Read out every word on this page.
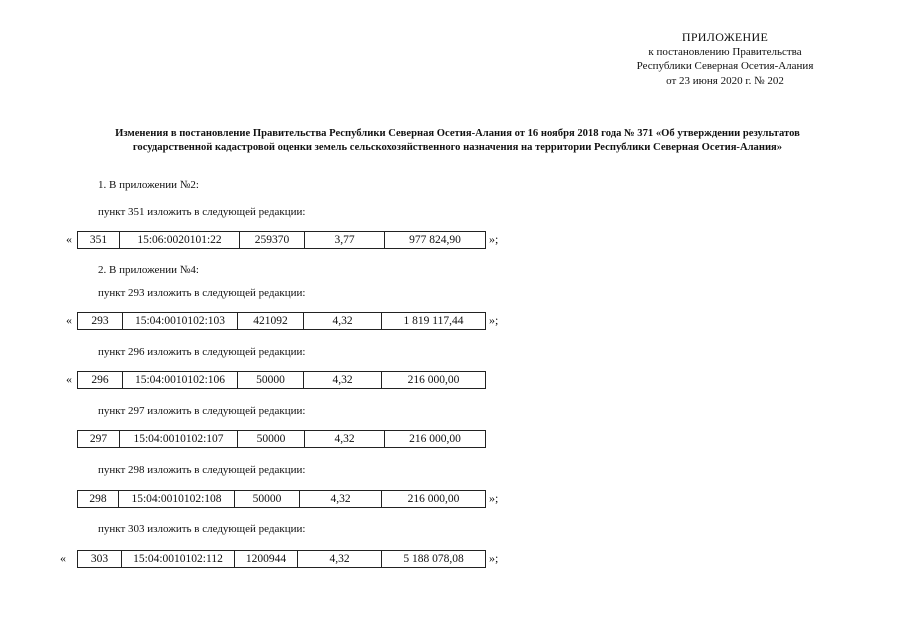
ПРИЛОЖЕНИЕ
к постановлению Правительства
Республики Северная Осетия-Алания
от 23 июня 2020 г. № 202
Изменения в постановление Правительства Республики Северная Осетия-Алания от 16 ноября 2018 года № 371 «Об утверждении результатов
государственной кадастровой оценки земель сельскохозяйственного назначения на территории Республики Северная Осетия-Алания»
1. В приложении №2:
пункт 351 изложить в следующей редакции:
«	351	15:06:0020101:22	259370	3,77	977 824,90	»;
2. В приложении №4:
пункт 293 изложить в следующей редакции:
«	293	15:04:0010102:103	421092	4,32	1 819 117,44	»;
пункт 296 изложить в следующей редакции:
«	296	15:04:0010102:106	50000	4,32	216 000,00
пункт 297 изложить в следующей редакции:
297	15:04:0010102:107	50000	4,32	216 000,00
пункт 298 изложить в следующей редакции:
298	15:04:0010102:108	50000	4,32	216 000,00	»;
пункт 303 изложить в следующей редакции:
«	303	15:04:0010102:112	1200944	4,32	5 188 078,08	»;
